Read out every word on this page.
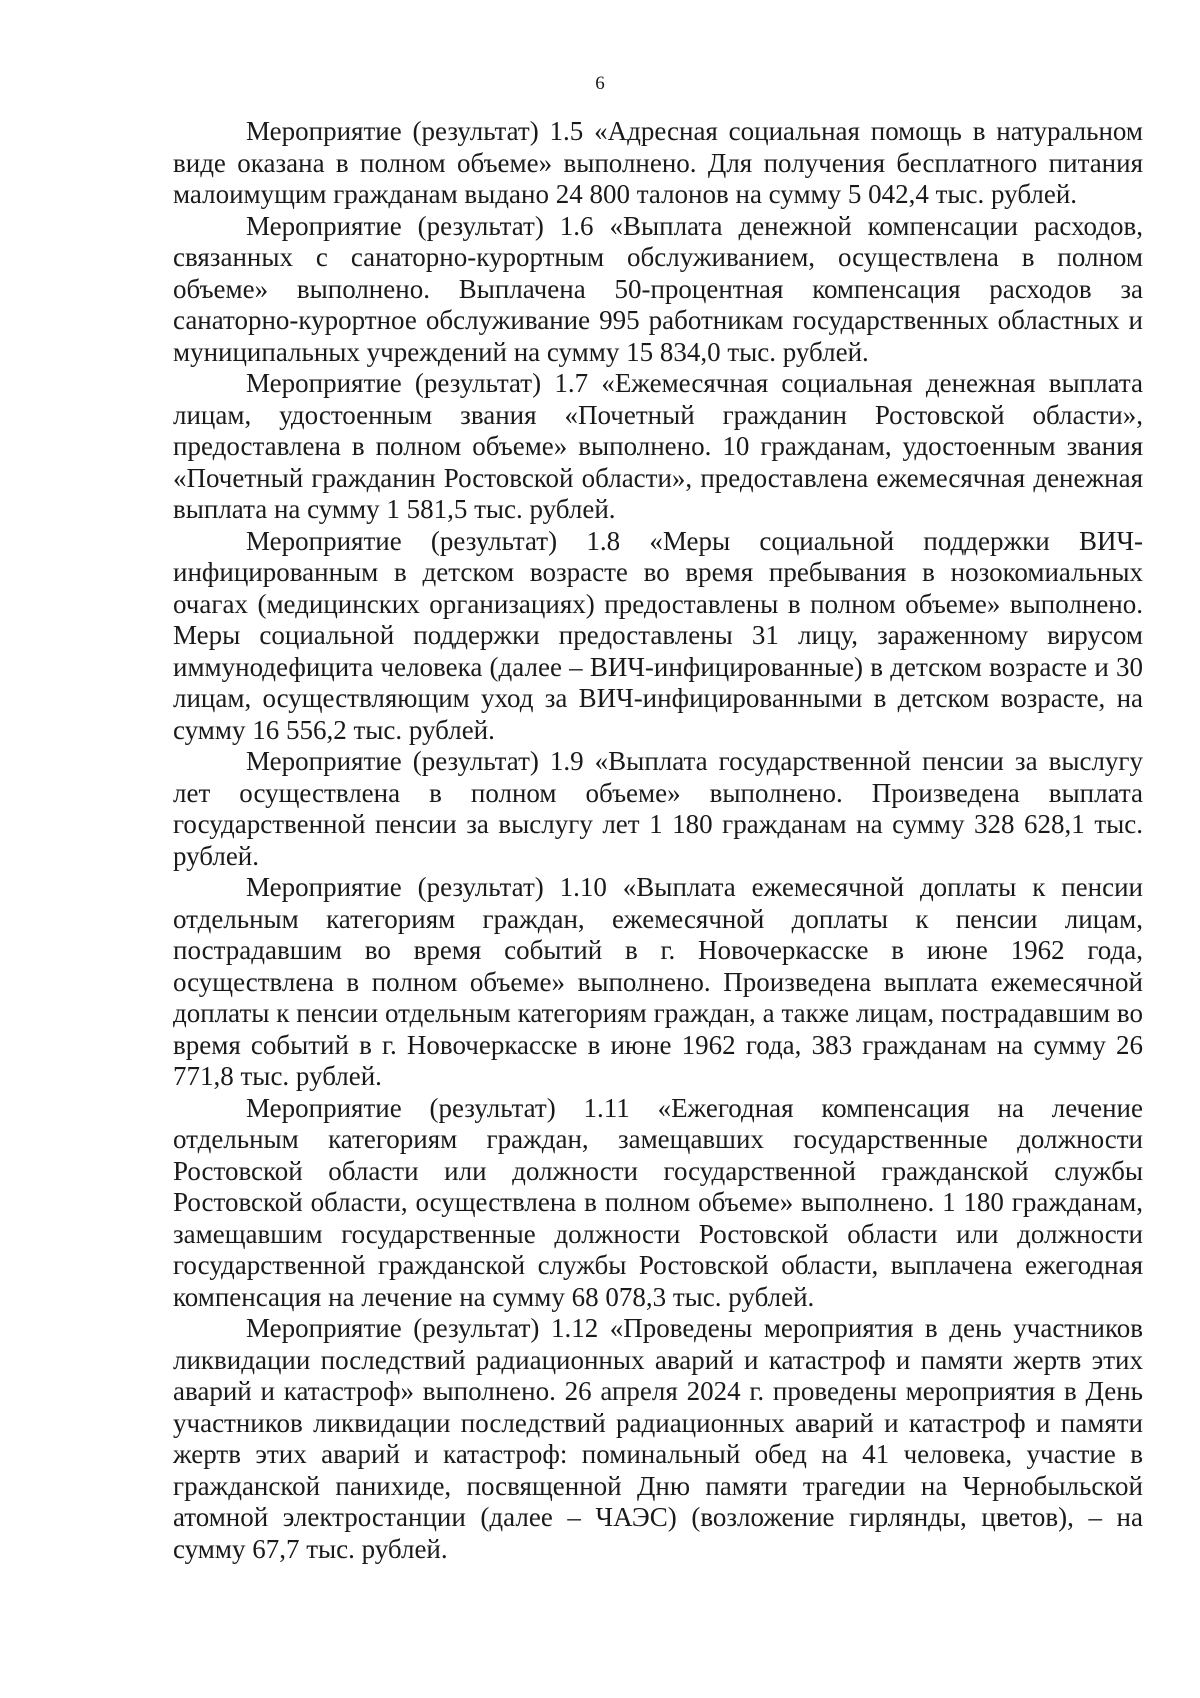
6

Мероприятие (результат) 1.5 «Адресная социальная помощь в натуральном виде оказана в полном объеме» выполнено. Для получения бесплатного питания малоимущим гражданам выдано 24 800 талонов на сумму 5 042,4 тыс. рублей.

Мероприятие (результат) 1.6 «Выплата денежной компенсации расходов, связанных с санаторно-курортным обслуживанием, осуществлена в полном объеме» выполнено. Выплачена 50-процентная компенсация расходов за санаторно-курортное обслуживание 995 работникам государственных областных и муниципальных учреждений на сумму 15 834,0 тыс. рублей.

Мероприятие (результат) 1.7 «Ежемесячная социальная денежная выплата лицам, удостоенным звания «Почетный гражданин Ростовской области», предоставлена в полном объеме» выполнено. 10 гражданам, удостоенным звания «Почетный гражданин Ростовской области», предоставлена ежемесячная денежная выплата на сумму 1 581,5 тыс. рублей.

Мероприятие (результат) 1.8 «Меры социальной поддержки ВИЧ-инфицированным в детском возрасте во время пребывания в нозокомиальных очагах (медицинских организациях) предоставлены в полном объеме» выполнено. Меры социальной поддержки предоставлены 31 лицу, зараженному вирусом иммунодефицита человека (далее – ВИЧ-инфицированные) в детском возрасте и 30 лицам, осуществляющим уход за ВИЧ-инфицированными в детском возрасте, на сумму 16 556,2 тыс. рублей.

Мероприятие (результат) 1.9 «Выплата государственной пенсии за выслугу лет осуществлена в полном объеме» выполнено. Произведена выплата государственной пенсии за выслугу лет 1 180 гражданам на сумму 328 628,1 тыс. рублей.

Мероприятие (результат) 1.10 «Выплата ежемесячной доплаты к пенсии отдельным категориям граждан, ежемесячной доплаты к пенсии лицам, пострадавшим во время событий в г. Новочеркасске в июне 1962 года, осуществлена в полном объеме» выполнено. Произведена выплата ежемесячной доплаты к пенсии отдельным категориям граждан, а также лицам, пострадавшим во время событий в г. Новочеркасске в июне 1962 года, 383 гражданам на сумму 26 771,8 тыс. рублей.

Мероприятие (результат) 1.11 «Ежегодная компенсация на лечение отдельным категориям граждан, замещавших государственные должности Ростовской области или должности государственной гражданской службы Ростовской области, осуществлена в полном объеме» выполнено. 1 180 гражданам, замещавшим государственные должности Ростовской области или должности государственной гражданской службы Ростовской области, выплачена ежегодная компенсация на лечение на сумму 68 078,3 тыс. рублей.

Мероприятие (результат) 1.12 «Проведены мероприятия в день участников ликвидации последствий радиационных аварий и катастроф и памяти жертв этих аварий и катастроф» выполнено. 26 апреля 2024 г. проведены мероприятия в День участников ликвидации последствий радиационных аварий и катастроф и памяти жертв этих аварий и катастроф: поминальный обед на 41 человека, участие в гражданской панихиде, посвященной Дню памяти трагедии на Чернобыльской атомной электростанции (далее – ЧАЭС) (возложение гирлянды, цветов), – на сумму 67,7 тыс. рублей.
